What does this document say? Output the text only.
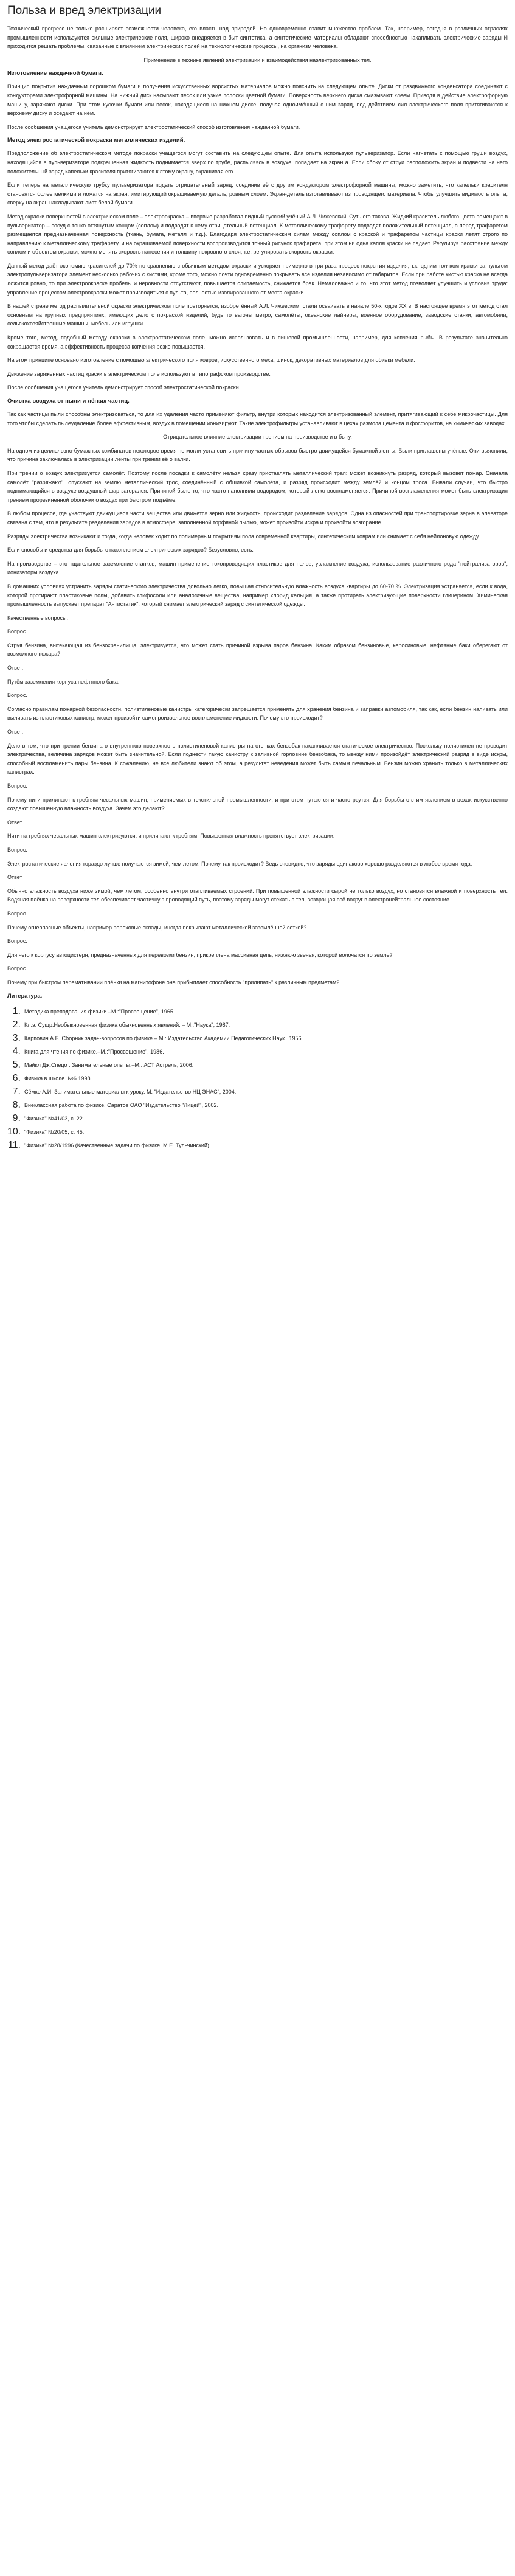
Польза и вред электризации
Технический прогресс не только расширяет возможности человека, его власть над природой. Но одновременно ставит множество проблем. Так, например, сегодня в различных отраслях промышленности используются сильные электрические поля, широко внедряется в быт синтетика, а синтетические материалы обладают способностью накапливать электрические заряды И приходится решать проблемы, связанные с влиянием электрических полей на технологические процессы, на организм человека.
Применение в технике явлений электризации и взаимодействия наэлектризованных тел.
Изготовление наждачной бумаги.
Принцип покрытия наждачным порошком бумаги и получения искусственных ворсистых материалов можно пояснить на следующем опыте. Диски от раздвижного конденсатора соединяют с кондукторами электрофорной машины. На нижний диск насыпают песок или узкие полоски цветной бумаги. Поверхность верхнего диска смазывают клеем. Приводя в действие электрофорную машину, заряжают диски. При этом кусочки бумаги или песок, находящиеся на нижнем диске, получая одноимённый с ним заряд, под действием сил электрического поля притягиваются к верхнему диску и оседают на нём.
После сообщения учащегося учитель демонстрирует электростатический способ изготовления наждачной бумаги.
Метод электростатической покраски металлических изделий.
Предположение об электростатическом методе покраски учащегося могут составить на следующем опыте. Для опыта используют пульверизатор. Если нагнетать с помощью груши воздух, находящийся в пульверизаторе подкрашенная жидкость поднимается вверх по трубе, распыляясь в воздухе, попадает на экран а. Если сбоку от струи расположить экран и подвести на него положительный заряд капельки красителя притягиваются к этому экрану, окрашивая его.
Если теперь на металлическую трубку пульверизатора подать отрицательный заряд, соединив её с другим кондуктором электрофорной машины, можно заметить, что капельки красителя становятся более мелкими и ложатся на экран, имитирующий окрашиваемую деталь, ровным слоем. Экран-деталь изготавливают из проводящего материала. Чтобы улучшить видимость опыта, сверху на экран накладывают лист белой бумаги.
Метод окраски поверхностей в электрическом поле – электроокраска – впервые разработал видный русский учёный А.Л. Чижевский. Суть его такова. Жидкий краситель любого цвета помещают в пульверизатор – сосуд с тонко оттянутым концом (соплом) и подводят к нему отрицательный потенциал. К металлическому трафарету подводят положительный потенциал, а перед трафаретом размещается предназначенная поверхность (ткань, бумага, металл и т.д.). Благодаря электростатическим силам между соплом с краской и трафаретом частицы краски летят строго по направлению к металлическому трафарету, и на окрашиваемой поверхности воспроизводится точный рисунок трафарета, при этом ни одна капля краски не падает. Регулируя расстояние между соплом и объектом окраски, можно менять скорость нанесения и толщину покровного слоя, т.е. регулировать скорость окраски.
Данный метод даёт экономию красителей до 70% по сравнению с обычным методом окраски и ускоряет примерно в три раза процесс покрытия изделия, т.к. одним толчком краски за пультом электропульверизатора элемент несколько рабочих с кистями, кроме того, можно почти одновременно покрывать все изделия независимо от габаритов. Если при работе кистью краска не всегда ложится ровно, то при электроокраске пробелы и неровности отсутствуют, повышается слипаемость, снижается брак. Немаловажно и то, что этот метод позволяет улучшить и условия труда: управление процессом электроокраски может производиться с пульта, полностью изолированного от места окраски.
В нашей стране метод распылительной окраски электрическом поле повторяется, изобретённый А.Л. Чижевским, стали осваивать в начале 50-х годов XX в. В настоящее время этот метод стал основным на крупных предприятиях, имеющих дело с покраской изделий, будь то вагоны метро, самолёты, океанские лайнеры, военное оборудование, заводские станки, автомобили, сельскохозяйственные машины, мебель или игрушки.
Кроме того, метод, подобный методу окраски в электростатическом поле, можно использовать и в пищевой промышленности, например, для копчения рыбы. В результате значительно сокращается время, а эффективность процесса копчения резко повышается.
На этом принципе основано изготовление с помощью электрического поля ковров, искусственного меха, шинок, декоративных материалов для обивки мебели.
Движение заряженных частиц краски в электрическом поле используют в типографском производстве.
После сообщения учащегося учитель демонстрирует способ электростатической покраски.
Очистка воздуха от пыли и лёгких частиц.
Так как частицы пыли способны электризоваться, то для их удаления часто применяют фильтр, внутри которых находится электризованный элемент, притягивающий к себе микрочастицы. Для того чтобы сделать пылеудаление более эффективным, воздух в помещении ионизируют. Такие электрофильтры устанавливают в цехах размола цемента и фосфоритов, на химических заводах.
Отрицательное влияние электризации трением на производстве и в быту.
На одном из целлюлозно-бумажных комбинатов некоторое время не могли установить причину частых обрывов быстро движущейся бумажной ленты. Были приглашены учёные. Они выяснили, что причина заключалась в электризации ленты при трении её о валки.
При трении о воздух электризуется самолёт. Поэтому после посадки к самолёту нельзя сразу приставлять металлический трап: может возникнуть разряд, который вызовет пожар. Сначала самолёт "разряжают": опускают на землю металлический трос, соединённый с обшивкой самолёта, и разряд происходит между землёй и концом троса. Бывали случаи, что быстро поднимающийся в воздухе воздушный шар загорался. Причиной было то, что часто наполняли водородом, который легко воспламеняется. Причиной воспламенения может быть электризация трением прорезиненной оболочки о воздух при быстром подъёме.
В любом процессе, где участвуют движущиеся части вещества или движется зерно или жидкость, происходит разделение зарядов. Одна из опасностей при транспортировке зерна в элеваторе связана с тем, что в результате разделения зарядов в атмосфере, заполненной торфяной пылью, может произойти искра и произойти возгорание.
Разряды электричества возникают и тогда, когда человек ходит по полимерным покрытиям пола современной квартиры, синтетическим коврам или снимает с себя нейлоновую одежду.
Если способы и средства для борьбы с накоплением электрических зарядов? Безусловно, есть.
На производстве – это тщательное заземление станков, машин применение токопроводящих пластиков для полов, увлажнение воздуха, использование различного рода "нейтрализаторов", ионизаторы воздуха.
В домашних условиях устранить заряды статического электричества довольно легко, повышая относительную влажность воздуха квартиры до 60-70 %. Электризация устраняется, если к вода, которой протирают пластиковые полы, добавить глифосоли или аналогичные вещества, например хлорид кальция, а также протирать электризующие поверхности глицерином. Химическая промышленность выпускает препарат "Антистатик", который снимает электрический заряд с синтетической одежды.
Качественные вопросы:
Вопрос.
Струя бензина, вытекающая из бензохранилища, электризуется, что может стать причиной взрыва паров бензина. Каким образом бензиновые, керосиновые, нефтяные баки оберегают от возможного пожара?
Ответ.
Путём заземления корпуса нефтяного бака.
Вопрос.
Согласно правилам пожарной безопасности, полиэтиленовые канистры категорически запрещается применять для хранения бензина и заправки автомобиля, так как, если бензин наливать или выливать из пластиковых канистр, может произойти самопроизвольное воспламенение жидкости. Почему это происходит?
Ответ.
Дело в том, что при трении бензина о внутреннюю поверхность полиэтиленовой канистры на стенках бензобак накапливается статическое электричество. Поскольку полиэтилен не проводит электричества, величина зарядов может быть значительной. Если поднести такую канистру к заливной горловине бензобака, то между ними произойдёт электрический разряд в виде искры, способный воспламенить пары бензина. К сожалению, не все любители знают об этом, а результат неведения может быть самым печальным. Бензин можно хранить только в металлических канистрах.
Вопрос.
Почему нити прилипают к гребням чесальных машин, применяемых в текстильной промышленности, и при этом путаются и часто рвутся. Для борьбы с этим явлением в цехах искусственно создают повышенную влажность воздуха. Зачем это делают?
Ответ.
Нити на гребнях чесальных машин электризуются, и прилипают к гребням. Повышенная влажность препятствует электризации.
Вопрос.
Электростатические явления гораздо лучше получаются зимой, чем летом. Почему так происходит? Ведь очевидно, что заряды одинаково хорошо разделяются в любое время года.
Ответ
Обычно влажность воздуха ниже зимой, чем летом, особенно внутри отапливаемых строений. При повышенной влажности сырой не только воздух, но становятся влажной и поверхность тел. Водяная плёнка на поверхности тел обеспечивает частичную проводящий путь, поэтому заряды могут стекать с тел, возвращая всё вокруг в электронейтральное состояние.
Вопрос.
Почему огнеопасные объекты, например пороховые склады, иногда покрывают металлической заземлённой сеткой?
Вопрос.
Для чего к корпусу автоцистерн, предназначенных для перевозки бензин, прикреплена массивная цепь, нижнюю звенья, которой волочатся по земле?
Вопрос.
Почему при быстром перематывании плёнки на магнитофоне она прибыплает способность "прилипать" к различным предметам?
Литература.
1. Методика преподавания физики.–М.:"Просвещение", 1965.
2. Кл.э. Сущр.Необыкновенная физика обыкновенных явлений. – М.:"Наука", 1987.
3. Карпович А.Б. Сборник задач-вопросов по физике.– М.: Издательство Академии Педагогических Наук . 1956.
4. Книга для чтения по физике.–М.:"Просвещение", 1986.
5. Майкл Дж.Спецо . Занимательные опыты.–М.: АСТ Астрель, 2006.
6. Физика в школе. №6 1998.
7. Сёмке А.И. Занимательные материалы к уроку. М. "Издательство НЦ ЭНАС", 2004.
8. Внеклассная работа по физике. Саратов ОАО "Издательство "Лицей", 2002.
9. "Физика" №41/03, с. 22.
10. "Физика" №20/05, с. 45.
11. "Физика" №28/1996 (Качественные задачи по физике, М.Е. Тульчинский)
